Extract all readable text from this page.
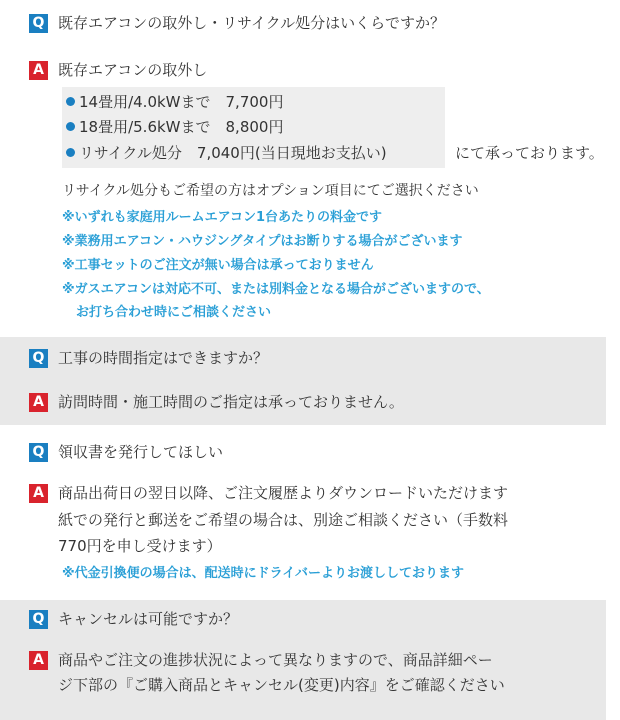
Q 既存エアコンの取外し・リサイクル処分はいくらですか？
A 既存エアコンの取外し
14畳用/4.0kWまで　7,700円
18畳用/5.6kWまで　8,800円
リサイクル処分　7,040円(当日現地お支払い)	にて承っております。
リサイクル処分もご希望の方はオプション項目にてご選択ください
※いずれも家庭用ルームエアコン1台あたりの料金です
※業務用エアコン・ハウジングタイプはお断りする場合がございます
※工事セットのご注文が無い場合は承っておりません
※ガスエアコンは対応不可、または別料金となる場合がございますので、
お打ち合わせ時にご相談ください
Q 工事の時間指定はできますか？
A 訪問時間・施工時間のご指定は承っておりません。
Q 領収書を発行してほしい
A 商品出荷日の翌日以降、ご注文履歴よりダウンロードいただけます
紙での発行と郵送をご希望の場合は、別途ご相談ください（手数料
770円を申し受けます）
※代金引換便の場合は、配送時にドライバーよりお渡ししております
Q キャンセルは可能ですか？
A 商品やご注文の進捗状況によって異なりますので、商品詳細ペー
ジ下部の『ご購入商品とキャンセル(変更)内容』をご確認ください
